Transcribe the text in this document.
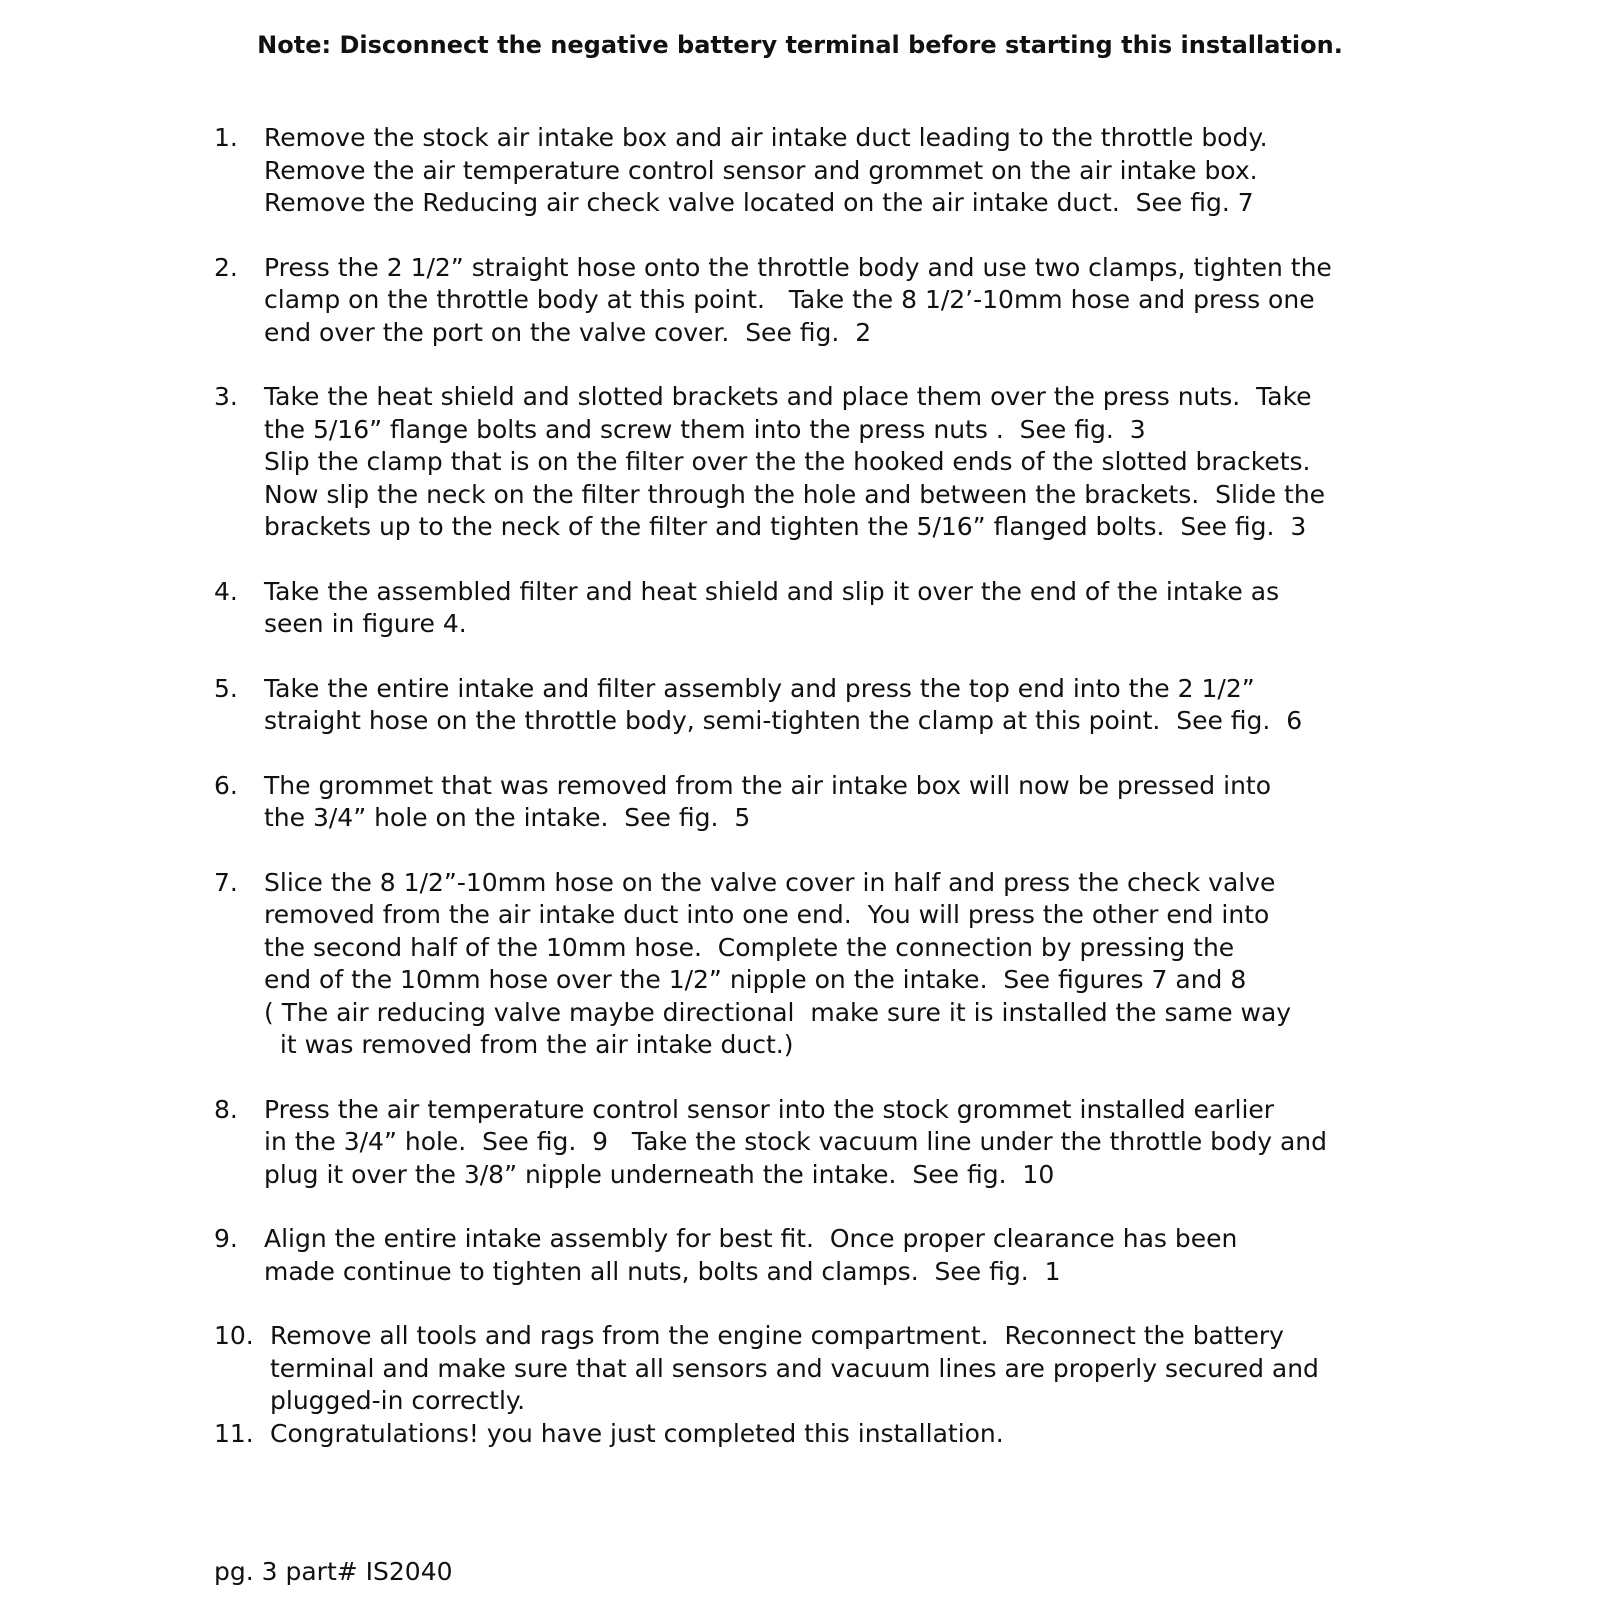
Note: Disconnect the negative battery terminal before starting this installation.
1. Remove the stock air intake box and air intake duct leading to the throttle body.
Remove the air temperature control sensor and grommet on the air intake box.
Remove the Reducing air check valve located on the air intake duct.  See fig. 7
2. Press the 2 1/2” straight hose onto the throttle body and use two clamps, tighten the
clamp on the throttle body at this point.   Take the 8 1/2’-10mm hose and press one
end over the port on the valve cover.  See fig.  2
3. Take the heat shield and slotted brackets and place them over the press nuts.  Take
the 5/16” flange bolts and screw them into the press nuts .  See fig.  3
Slip the clamp that is on the filter over the the hooked ends of the slotted brackets.
Now slip the neck on the filter through the hole and between the brackets.  Slide the
brackets up to the neck of the filter and tighten the 5/16” flanged bolts.  See fig.  3
4. Take the assembled filter and heat shield and slip it over the end of the intake as
seen in figure 4.
5. Take the entire intake and filter assembly and press the top end into the 2 1/2”
straight hose on the throttle body, semi-tighten the clamp at this point.  See fig.  6
6. The grommet that was removed from the air intake box will now be pressed into
the 3/4” hole on the intake.  See fig.  5
7. Slice the 8 1/2”-10mm hose on the valve cover in half and press the check valve
removed from the air intake duct into one end.  You will press the other end into
the second half of the 10mm hose.  Complete the connection by pressing the
end of the 10mm hose over the 1/2” nipple on the intake.  See figures 7 and 8
( The air reducing valve maybe directional  make sure it is installed the same way
it was removed from the air intake duct.)
8. Press the air temperature control sensor into the stock grommet installed earlier
in the 3/4” hole.  See fig.  9   Take the stock vacuum line under the throttle body and
plug it over the 3/8” nipple underneath the intake.  See fig.  10
9. Align the entire intake assembly for best fit.  Once proper clearance has been
made continue to tighten all nuts, bolts and clamps.  See fig.  1
10. Remove all tools and rags from the engine compartment.  Reconnect the battery
terminal and make sure that all sensors and vacuum lines are properly secured and
plugged-in correctly.
11. Congratulations! you have just completed this installation.
pg. 3 part# IS2040
